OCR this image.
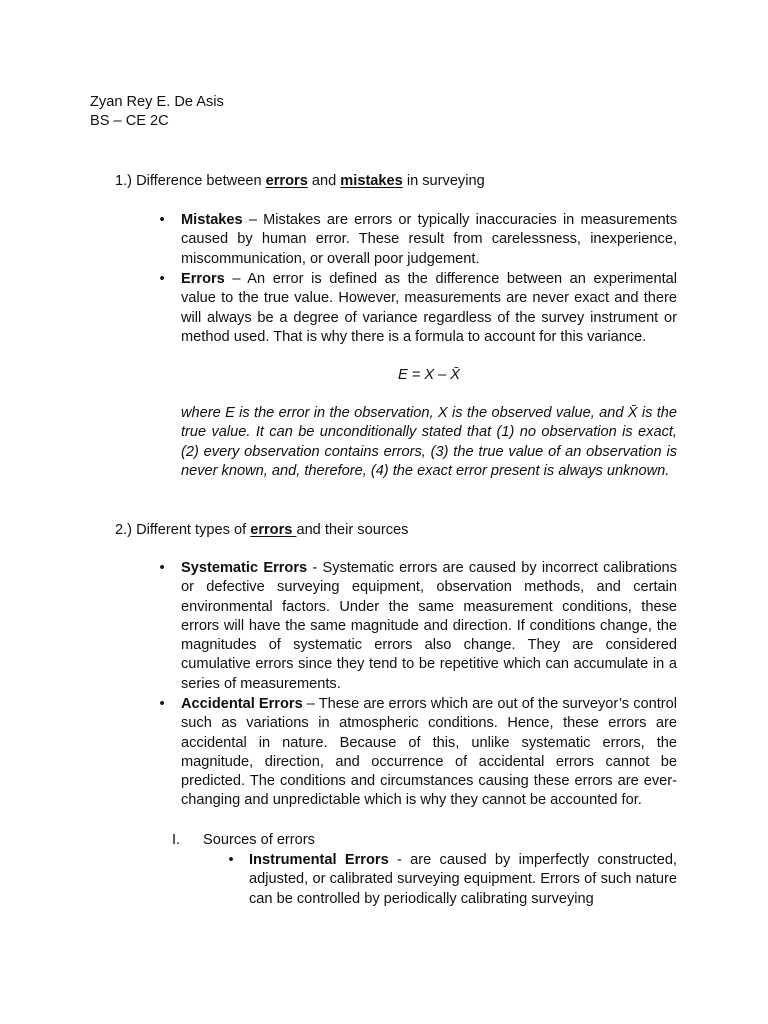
Zyan Rey E. De Asis
BS – CE 2C
1.) Difference between errors and mistakes in surveying
• Mistakes – Mistakes are errors or typically inaccuracies in measurements caused by human error. These result from carelessness, inexperience, miscommunication, or overall poor judgement.
• Errors – An error is defined as the difference between an experimental value to the true value. However, measurements are never exact and there will always be a degree of variance regardless of the survey instrument or method used. That is why there is a formula to account for this variance.
E = X – X̄
where E is the error in the observation, X is the observed value, and X̄ is the true value. It can be unconditionally stated that (1) no observation is exact, (2) every observation contains errors, (3) the true value of an observation is never known, and, therefore, (4) the exact error present is always unknown.
2.) Different types of errors and their sources
• Systematic Errors - Systematic errors are caused by incorrect calibrations or defective surveying equipment, observation methods, and certain environmental factors. Under the same measurement conditions, these errors will have the same magnitude and direction. If conditions change, the magnitudes of systematic errors also change. They are considered cumulative errors since they tend to be repetitive which can accumulate in a series of measurements.
• Accidental Errors – These are errors which are out of the surveyor’s control such as variations in atmospheric conditions. Hence, these errors are accidental in nature. Because of this, unlike systematic errors, the magnitude, direction, and occurrence of accidental errors cannot be predicted. The conditions and circumstances causing these errors are ever-changing and unpredictable which is why they cannot be accounted for.
I. Sources of errors
• Instrumental Errors - are caused by imperfectly constructed, adjusted, or calibrated surveying equipment. Errors of such nature can be controlled by periodically calibrating surveying
